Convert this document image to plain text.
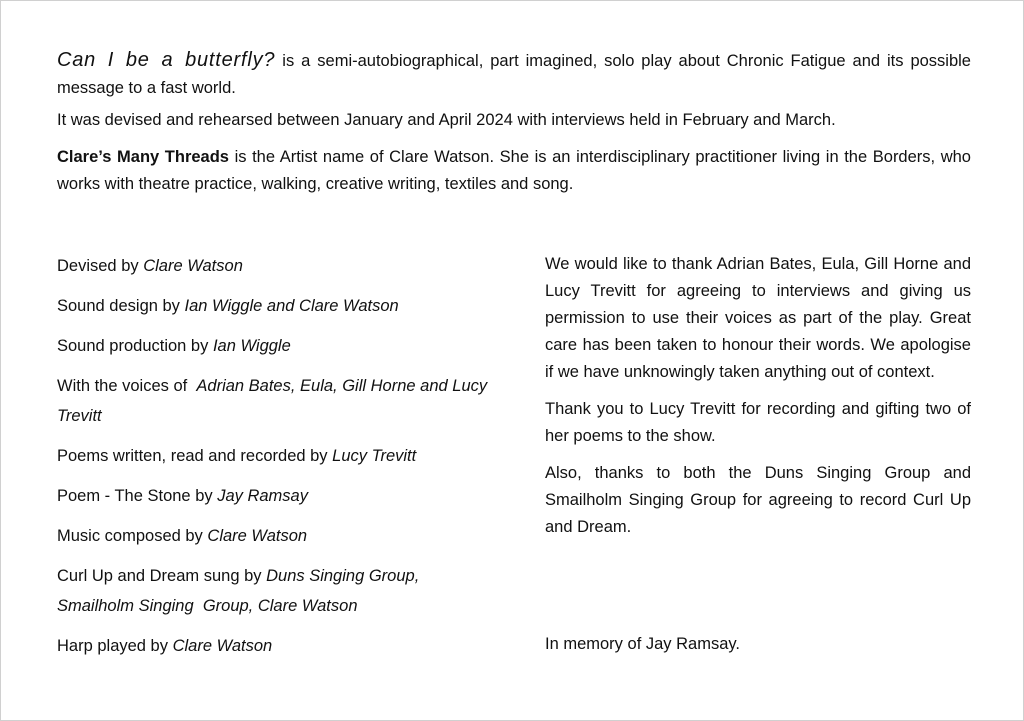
Can I be a butterfly? is a semi-autobiographical, part imagined, solo play about Chronic Fatigue and its possible message to a fast world.

It was devised and rehearsed between January and April 2024 with interviews held in February and March.

Clare’s Many Threads is the Artist name of Clare Watson. She is an interdisciplinary practitioner living in the Borders, who works with theatre practice, walking, creative writing, textiles and song.

Devised by Clare Watson
Sound design by Ian Wiggle and Clare Watson
Sound production by Ian Wiggle
With the voices of  Adrian Bates, Eula, Gill Horne and Lucy Trevitt
Poems written, read and recorded by Lucy Trevitt
Poem - The Stone by Jay Ramsay
Music composed by Clare Watson
Curl Up and Dream sung by Duns Singing Group, Smailholm Singing  Group, Clare Watson
Harp played by Clare Watson

We would like to thank Adrian Bates, Eula, Gill Horne and Lucy Trevitt for agreeing to interviews and giving us permission to use their voices as part of the play. Great care has been taken to honour their words. We apologise if we have unknowingly taken anything out of context.

Thank you to Lucy Trevitt for recording and gifting two of her poems to the show.

Also, thanks to both the Duns Singing Group and Smailholm Singing Group for agreeing to record Curl Up and Dream.

In memory of Jay Ramsay.
